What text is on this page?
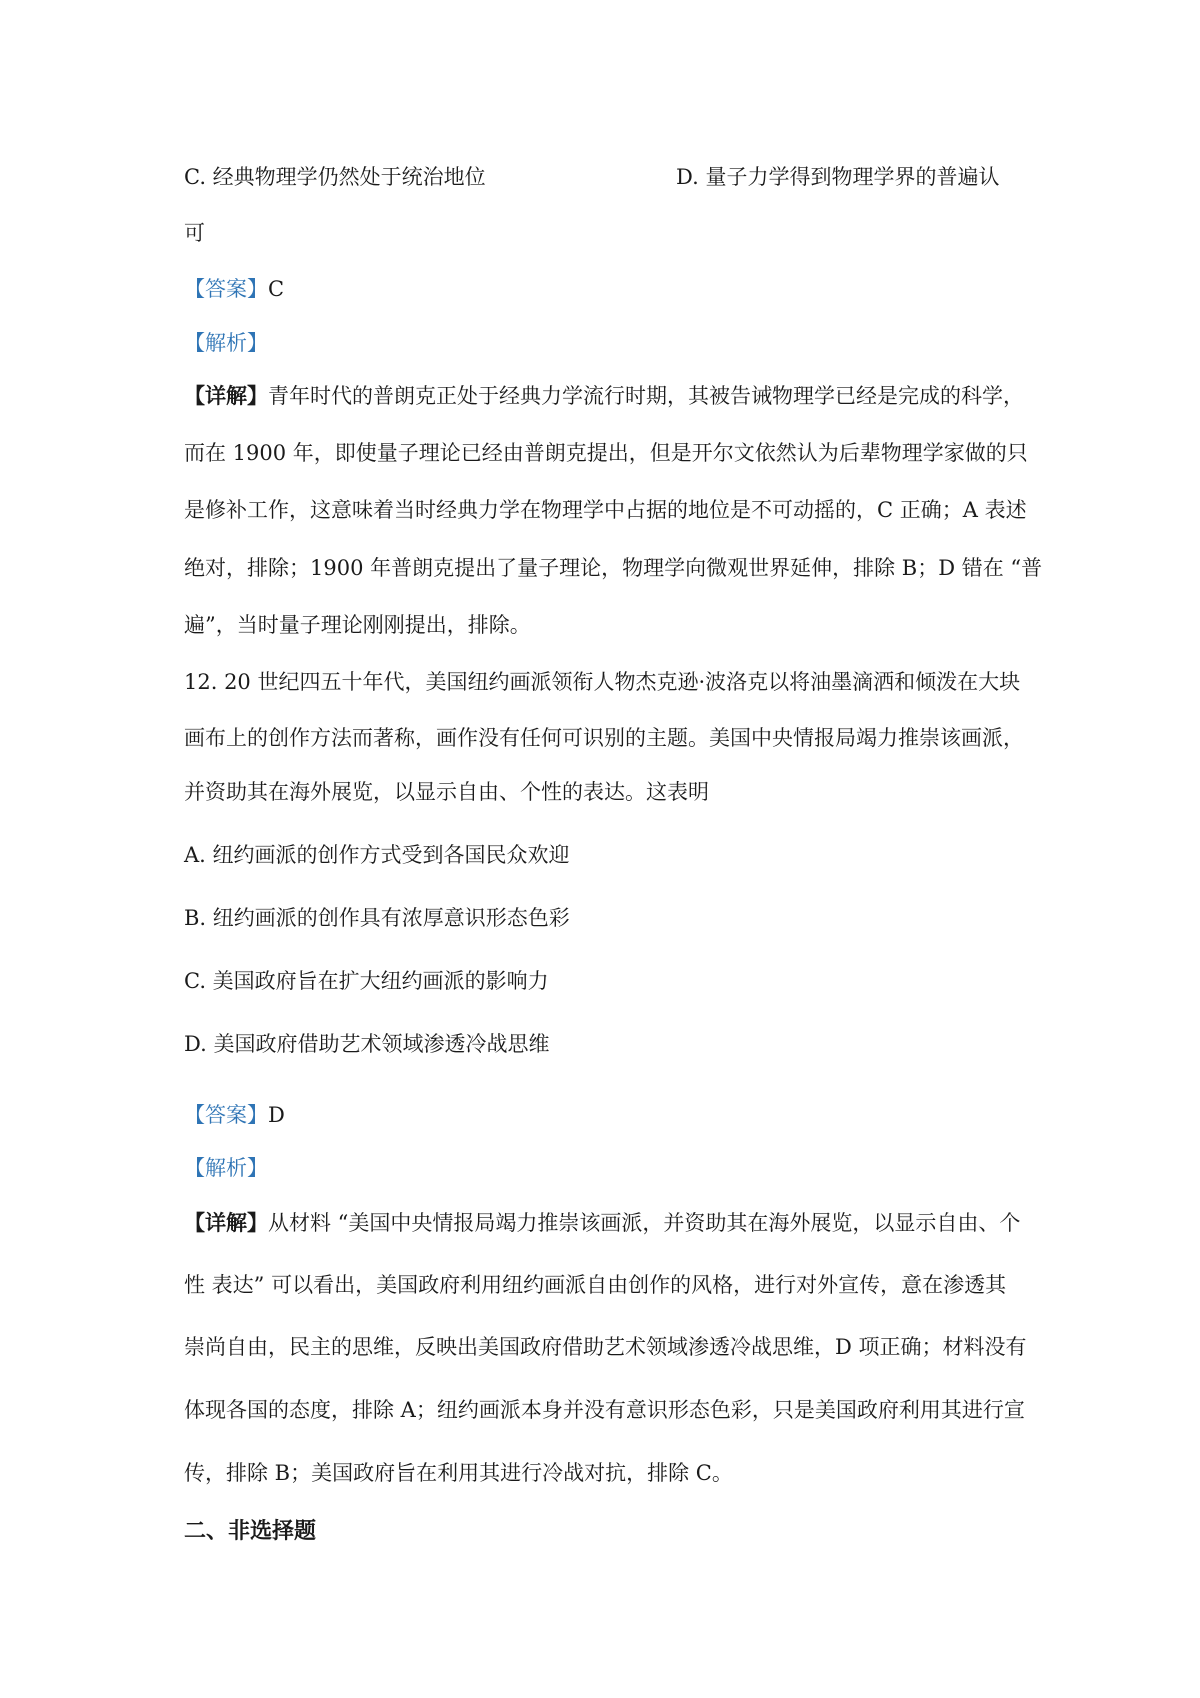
C. 经典物理学仍然处于统治地位	D. 量子力学得到物理学界的普遍认
可
【答案】C
【解析】
【详解】青年时代的普朗克正处于经典力学流行时期，其被告诫物理学已经是完成的科学，
而在 1900 年，即使量子理论已经由普朗克提出，但是开尔文依然认为后辈物理学家做的只
是修补工作，这意味着当时经典力学在物理学中占据的地位是不可动摇的，C 正确；A 表述
绝对，排除；1900 年普朗克提出了量子理论，物理学向微观世界延伸，排除 B；D 错在 “普
遍”，当时量子理论刚刚提出，排除。
12. 20 世纪四五十年代，美国纽约画派领衔人物杰克逊·波洛克以将油墨滴洒和倾泼在大块
画布上的创作方法而著称，画作没有任何可识别的主题。美国中央情报局竭力推崇该画派，
并资助其在海外展览，以显示自由、个性的表达。这表明
A. 纽约画派的创作方式受到各国民众欢迎
B. 纽约画派的创作具有浓厚意识形态色彩
C. 美国政府旨在扩大纽约画派的影响力
D. 美国政府借助艺术领域渗透冷战思维
【答案】D
【解析】
【详解】从材料 “美国中央情报局竭力推崇该画派，并资助其在海外展览，以显示自由、个
性 表达” 可以看出，美国政府利用纽约画派自由创作的风格，进行对外宣传，意在渗透其
崇尚自由，民主的思维，反映出美国政府借助艺术领域渗透冷战思维，D 项正确；材料没有
体现各国的态度，排除 A；纽约画派本身并没有意识形态色彩，只是美国政府利用其进行宣
传，排除 B；美国政府旨在利用其进行冷战对抗，排除 C。
二、非选择题
